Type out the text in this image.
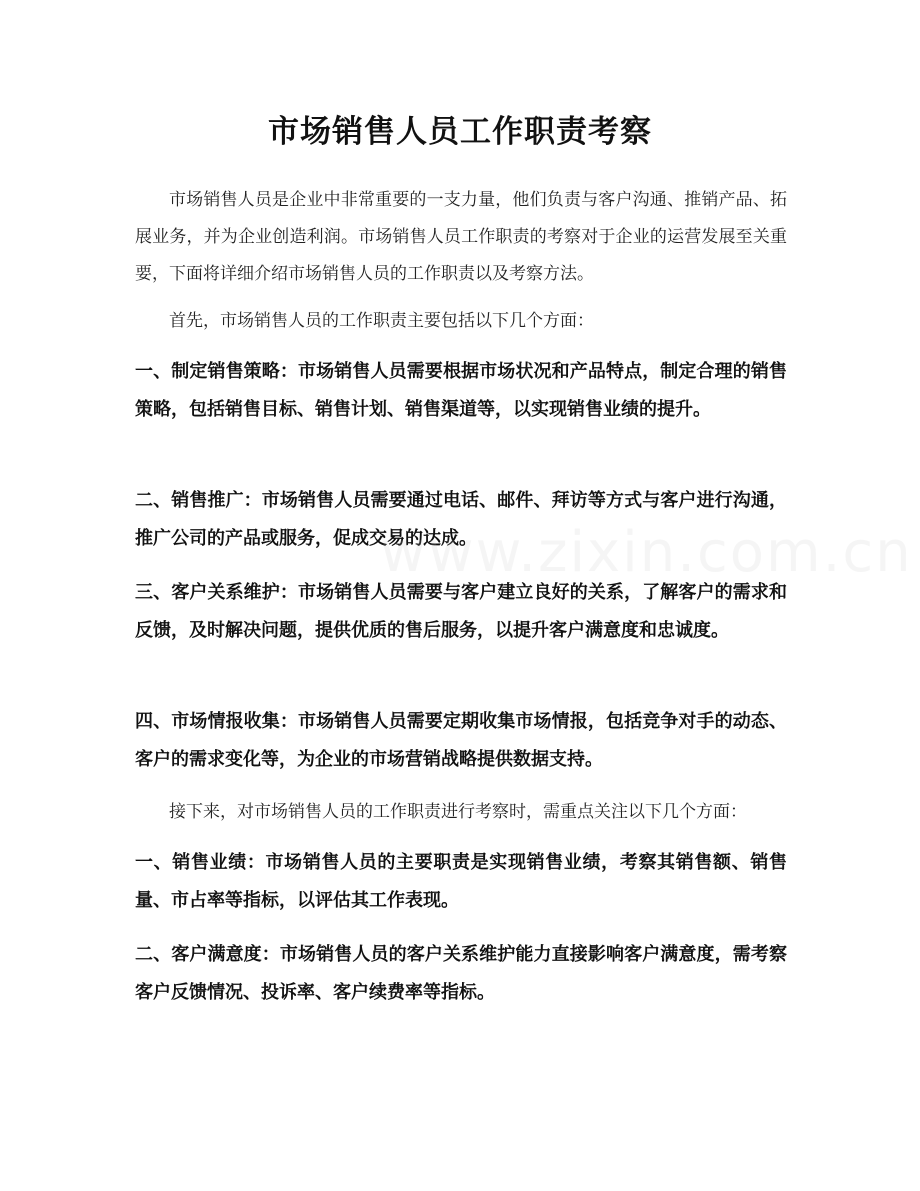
市场销售人员工作职责考察

市场销售人员是企业中非常重要的一支力量，他们负责与客户沟通、推销产品、拓展业务，并为企业创造利润。市场销售人员工作职责的考察对于企业的运营发展至关重要，下面将详细介绍市场销售人员的工作职责以及考察方法。

首先，市场销售人员的工作职责主要包括以下几个方面：

一、制定销售策略：市场销售人员需要根据市场状况和产品特点，制定合理的销售策略，包括销售目标、销售计划、销售渠道等，以实现销售业绩的提升。

二、销售推广：市场销售人员需要通过电话、邮件、拜访等方式与客户进行沟通，推广公司的产品或服务，促成交易的达成。

三、客户关系维护：市场销售人员需要与客户建立良好的关系，了解客户的需求和反馈，及时解决问题，提供优质的售后服务，以提升客户满意度和忠诚度。

四、市场情报收集：市场销售人员需要定期收集市场情报，包括竞争对手的动态、客户的需求变化等，为企业的市场营销战略提供数据支持。

接下来，对市场销售人员的工作职责进行考察时，需重点关注以下几个方面：

一、销售业绩：市场销售人员的主要职责是实现销售业绩，考察其销售额、销售量、市占率等指标，以评估其工作表现。

二、客户满意度：市场销售人员的客户关系维护能力直接影响客户满意度，需考察客户反馈情况、投诉率、客户续费率等指标。

www.zixin.com.cn
